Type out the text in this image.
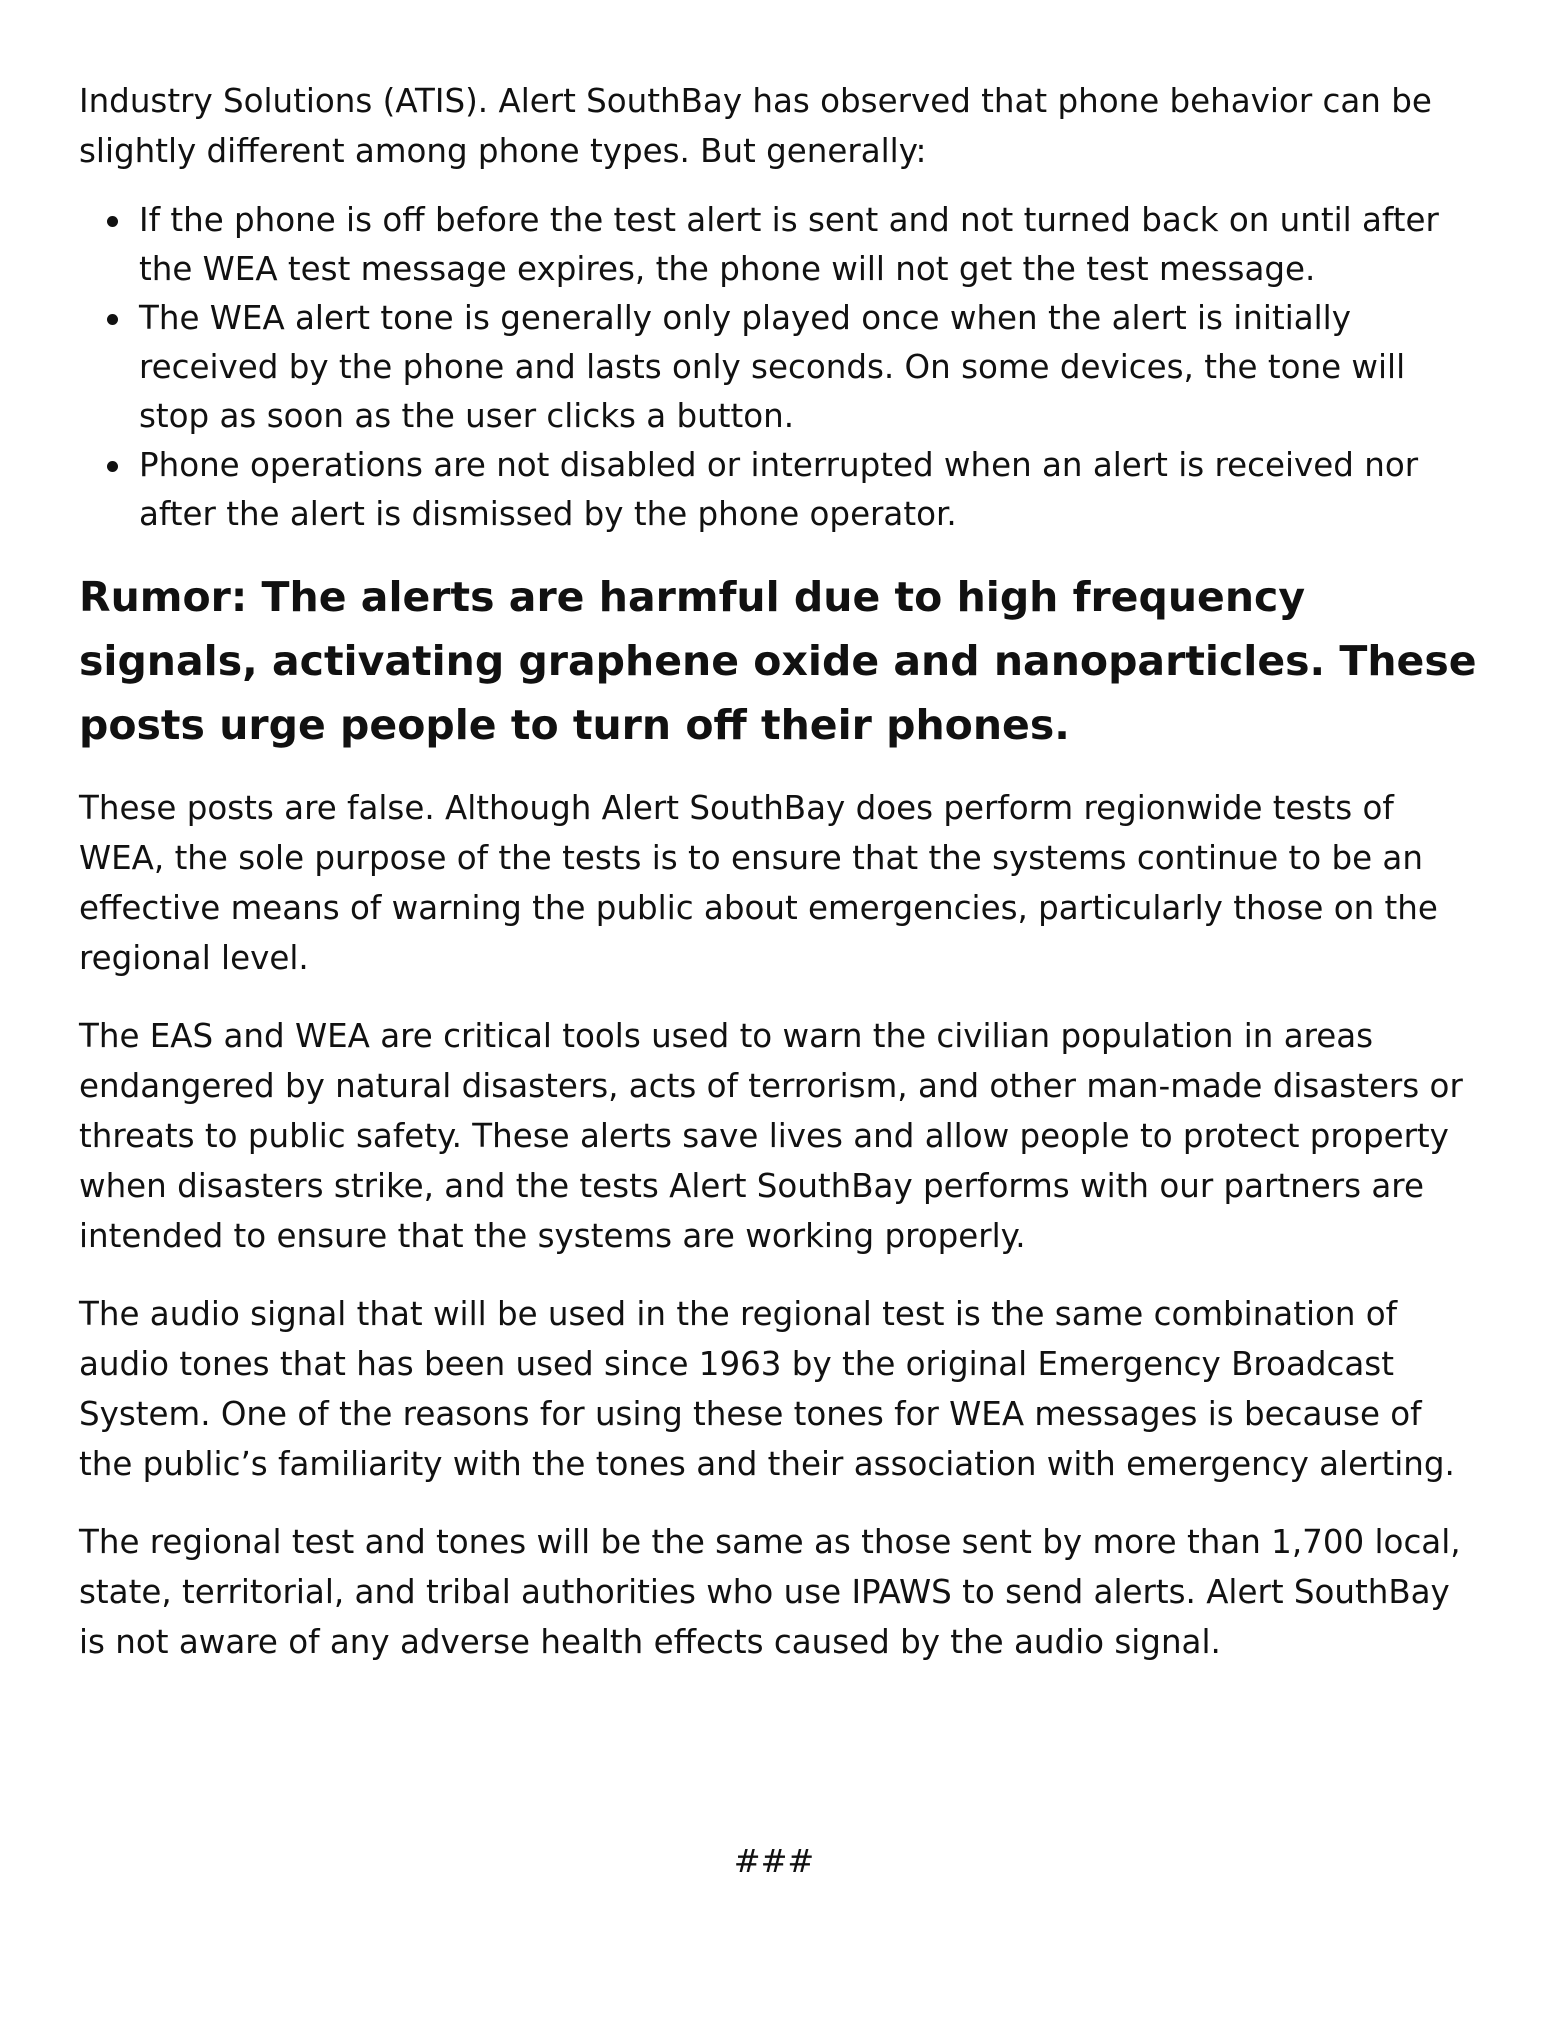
Industry Solutions (ATIS). Alert SouthBay has observed that phone behavior can be slightly different among phone types. But generally:

If the phone is off before the test alert is sent and not turned back on until after the WEA test message expires, the phone will not get the test message.
The WEA alert tone is generally only played once when the alert is initially received by the phone and lasts only seconds. On some devices, the tone will stop as soon as the user clicks a button.
Phone operations are not disabled or interrupted when an alert is received nor after the alert is dismissed by the phone operator.
Rumor: The alerts are harmful due to high frequency signals, activating graphene oxide and nanoparticles. These posts urge people to turn off their phones.

These posts are false. Although Alert SouthBay does perform regionwide tests of WEA, the sole purpose of the tests is to ensure that the systems continue to be an effective means of warning the public about emergencies, particularly those on the regional level.

The EAS and WEA are critical tools used to warn the civilian population in areas endangered by natural disasters, acts of terrorism, and other man-made disasters or threats to public safety. These alerts save lives and allow people to protect property when disasters strike, and the tests Alert SouthBay performs with our partners are intended to ensure that the systems are working properly.

The audio signal that will be used in the regional test is the same combination of audio tones that has been used since 1963 by the original Emergency Broadcast System. One of the reasons for using these tones for WEA messages is because of the public’s familiarity with the tones and their association with emergency alerting.

The regional test and tones will be the same as those sent by more than 1,700 local, state, territorial, and tribal authorities who use IPAWS to send alerts. Alert SouthBay is not aware of any adverse health effects caused by the audio signal.

###
